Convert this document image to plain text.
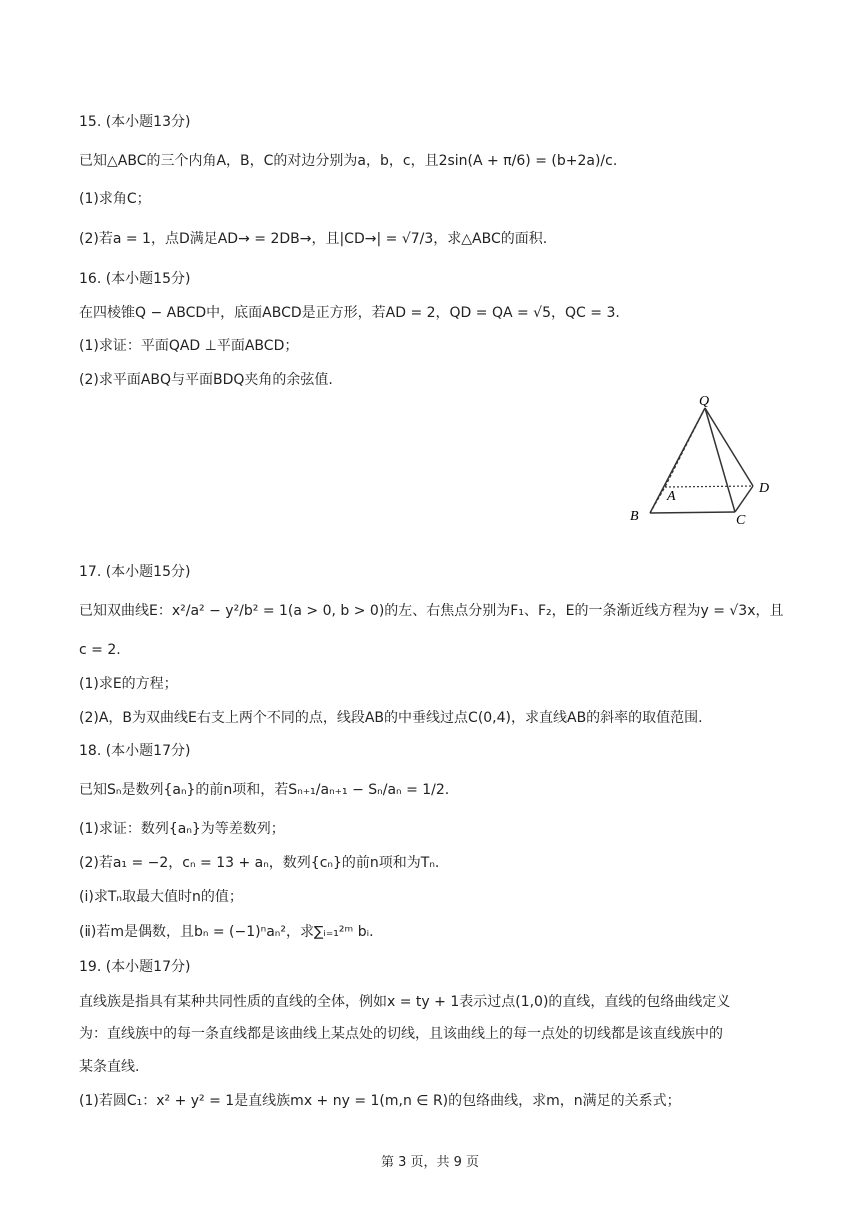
15. (本小题13分)
已知△ABC的三个内角A，B，C的对边分别为a，b，c，且2sin(A + π/6) = (b+2a)/c.
(1)求角C；
(2)若a = 1，点D满足AD→ = 2DB→，且|CD→| = √7/3，求△ABC的面积.
16. (本小题15分)
在四棱锥Q − ABCD中，底面ABCD是正方形，若AD = 2，QD = QA = √5，QC = 3.
(1)求证：平面QAD ⊥平面ABCD；
(2)求平面ABQ与平面BDQ夹角的余弦值.
Q
A
B	C
D
17. (本小题15分)
已知双曲线E：x²/a² − y²/b² = 1(a > 0, b > 0)的左、右焦点分别为F₁、F₂，E的一条渐近线方程为y = √3x，且
c = 2.
(1)求E的方程；
(2)A，B为双曲线E右支上两个不同的点，线段AB的中垂线过点C(0,4)，求直线AB的斜率的取值范围.
18. (本小题17分)
已知Sₙ是数列{aₙ}的前n项和，若Sₙ₊₁/aₙ₊₁ − Sₙ/aₙ = 1/2.
(1)求证：数列{aₙ}为等差数列；
(2)若a₁ = −2，cₙ = 13 + aₙ，数列{cₙ}的前n项和为Tₙ.
(ⅰ)求Tₙ取最大值时n的值；
(ⅱ)若m是偶数，且bₙ = (−1)ⁿaₙ²，求∑ᵢ₌₁²ᵐ bᵢ.
19. (本小题17分)
直线族是指具有某种共同性质的直线的全体，例如x = ty + 1表示过点(1,0)的直线，直线的包络曲线定义
为：直线族中的每一条直线都是该曲线上某点处的切线，且该曲线上的每一点处的切线都是该直线族中的
某条直线.
(1)若圆C₁：x² + y² = 1是直线族mx + ny = 1(m,n ∈ R)的包络曲线，求m，n满足的关系式；
第 3 页，共 9 页
